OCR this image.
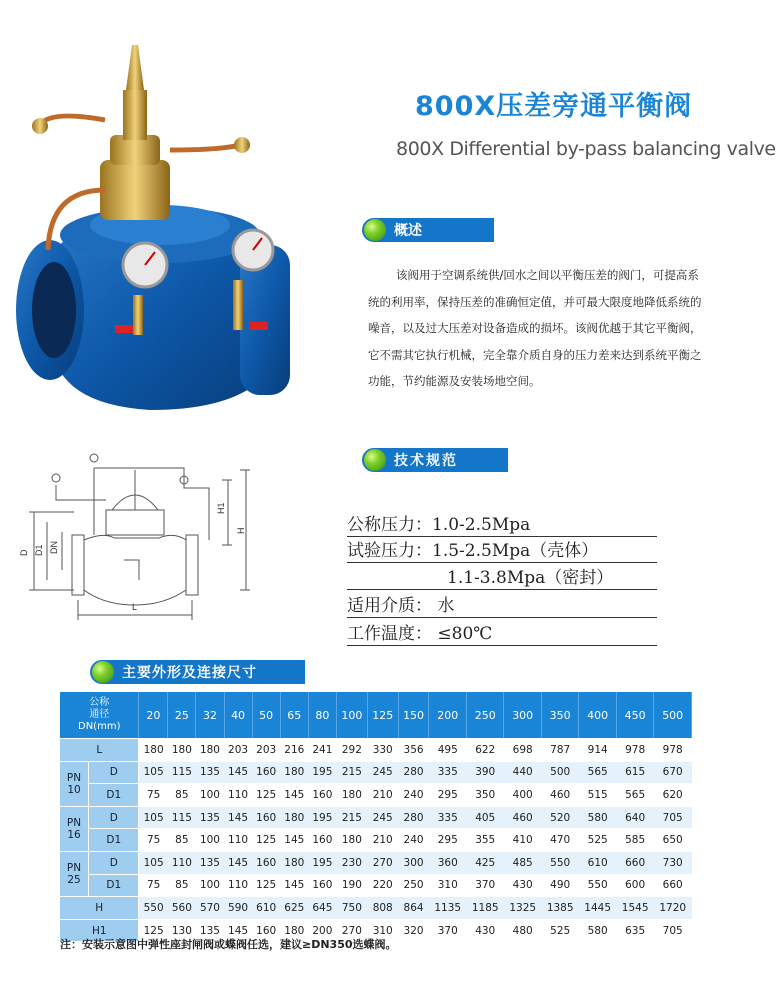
800X压差旁通平衡阀
800X Differential by-pass balancing valve
概述
该阀用于空调系统供/回水之间以平衡压差的阀门，可提高系统的利用率，保持压差的准确恒定值，并可最大限度地降低系统的噪音，以及过大压差对设备造成的损坏。该阀优越于其它平衡阀，它不需其它执行机械，完全靠介质自身的压力差来达到系统平衡之功能，节约能源及安装场地空间。
技术规范
公称压力：1.0-2.5Mpa
试验压力：1.5-2.5Mpa（壳体）
1.1-3.8Mpa（密封）
适用介质： 水
工作温度： ≤80℃
D D1 DN
L
H
H1
主要外形及连接尺寸
公称
通径
DN(mm)		20	25	32	40	50	65	80	100	125	150	200	250	300	350	400	450	500
L		180	180	180	203	203	216	241	292	330	356	495	622	698	787	914	978	978
PN
10	D	105	115	135	145	160	180	195	215	245	280	335	390	440	500	565	615	670
	D1	75	85	100	110	125	145	160	180	210	240	295	350	400	460	515	565	620
PN
16	D	105	115	135	145	160	180	195	215	245	280	335	405	460	520	580	640	705
	D1	75	85	100	110	125	145	160	180	210	240	295	355	410	470	525	585	650
PN
25	D	105	110	135	145	160	180	195	230	270	300	360	425	485	550	610	660	730
	D1	75	85	100	110	125	145	160	190	220	250	310	370	430	490	550	600	660
H		550	560	570	590	610	625	645	750	808	864	1135	1185	1325	1385	1445	1545	1720
H1		125	130	135	145	160	180	200	270	310	320	370	430	480	525	580	635	705
注：安装示意图中弹性座封闸阀或蝶阀任选，建议≥DN350选蝶阀。
